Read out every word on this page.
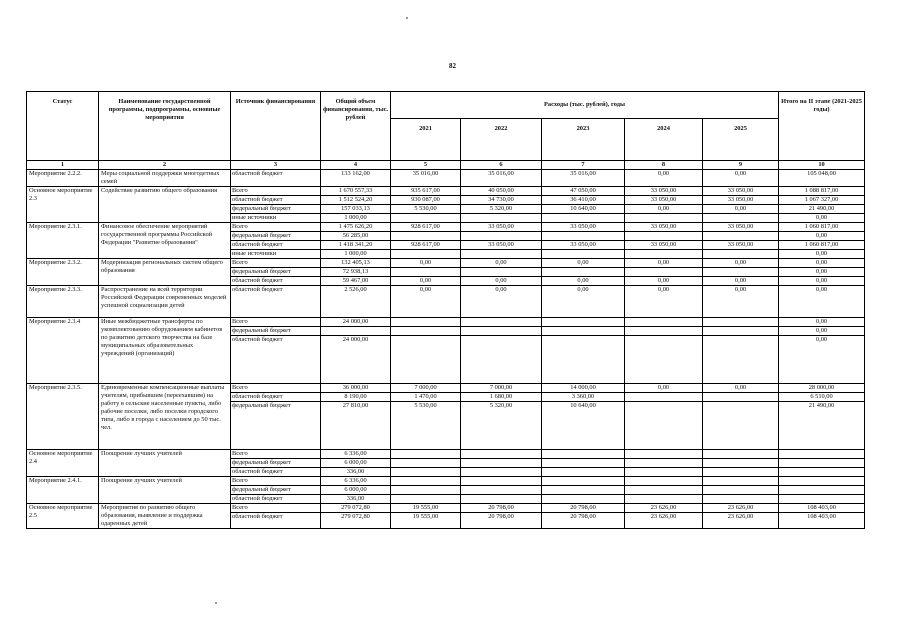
82
Статус	Наименование государственной программы, подпрограммы, основные мероприятия	Источник финансирования	Общий объем финансирования, тыс. рублей	Расходы (тыс. рублей), годы					Итого на II этапе (2021-2025 годы)
				2021	2022	2023	2024	2025	
1	2	3	4	5	6	7	8	9	10
Мероприятие 2.2.2.	Меры социальной поддержки многодетных семей	областной бюджет	133 162,00	35 016,00	35 016,00	35 016,00	0,00	0,00	105 048,00
Основное мероприятие 2.3	Содействие развитию общего образования	Всего	1 670 557,33	935 617,00	40 050,00	47 050,00	33 050,00	33 050,00	1 088 817,00
		областной бюджет	1 512 524,20	930 087,00	34 730,00	36 410,00	33 050,00	33 050,00	1 067 327,00
		федеральный бюджет	157 033,13	5 530,00	5 320,00	10 640,00	0,00	0,00	21 490,00
		иные источники	1 000,00						0,00
Мероприятие 2.3.1.	Финансовое обеспечение мероприятий государственной программы Российской Федерации "Развитие образования"	Всего	1 475 626,20	928 617,00	33 050,00	33 050,00	33 050,00	33 050,00	1 060 817,00
		федеральный бюджет	56 285,00						0,00
		областной бюджет	1 418 341,20	928 617,00	33 050,00	33 050,00	33 050,00	33 050,00	1 060 817,00
		иные источники	1 000,00						0,00
Мероприятие 2.3.2.	Модернизация региональных систем общего образования	Всего	132 405,13	0,00	0,00	0,00	0,00	0,00	0,00
		федеральный бюджет	72 938,13						0,00
		областной бюджет	59 467,00	0,00	0,00	0,00	0,00	0,00	0,00
Мероприятие 2.3.3.	Распространение на всей территории Российской Федерации современных моделей успешной социализации детей	областной бюджет	2 526,00	0,00	0,00	0,00	0,00	0,00	0,00
Мероприятие 2.3.4	Иные межбюджетные трансферты по укомплектованию оборудованием кабинетов по развитию детского творчества на базе муниципальных образовательных учреждений (организаций)	Всего	24 000,00						0,00
		федеральный бюджет							0,00
		областной бюджет	24 000,00						0,00
Мероприятие 2.3.5.	Единовременные компенсационные выплаты учителям, прибывшим (переехавшим) на работу в сельские населенные пункты, либо рабочие поселки, либо поселки городского типа, либо в города с населением до 50 тыс. чел.	Всего	36 000,00	7 000,00	7 000,00	14 000,00	0,00	0,00	28 000,00
		областной бюджет	8 190,00	1 470,00	1 680,00	3 360,00			6 510,00
		федеральный бюджет	27 810,00	5 530,00	5 320,00	10 640,00			21 490,00
Основное мероприятие 2.4	Поощрение лучших учителей	Всего	6 336,00						
		федеральный бюджет	6 000,00						
		областной бюджет	336,00						
Мероприятие 2.4.1.	Поощрение лучших учителей	Всего	6 336,00						
		федеральный бюджет	6 000,00						
		областной бюджет	336,00						
Основное мероприятие 2.5	Мероприятия по развитию общего образования, выявление и поддержка одаренных детей	Всего	279 072,80	19 555,00	20 798,00	20 798,00	23 626,00	23 626,00	108 403,00
		областной бюджет	279 072,80	19 555,00	20 798,00	20 798,00	23 626,00	23 626,00	108 403,00
